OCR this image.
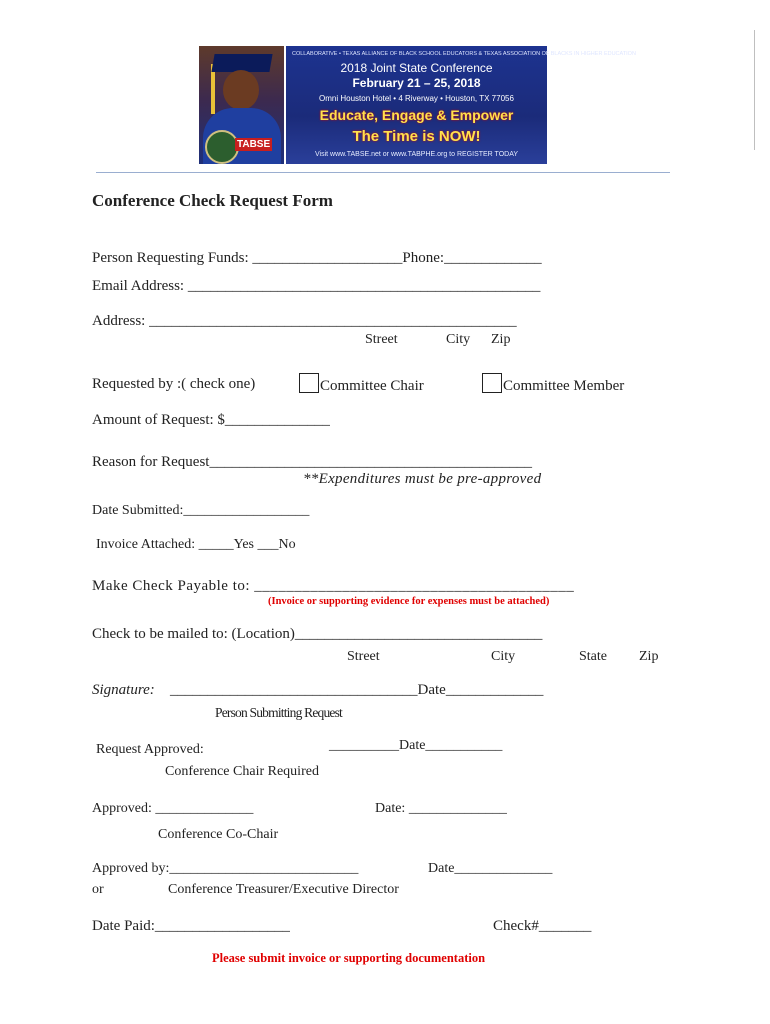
TABSE
COLLABORATIVE • TEXAS ALLIANCE OF BLACK SCHOOL EDUCATORS & TEXAS ASSOCIATION OF BLACKS IN HIGHER EDUCATION
2018 Joint State Conference
February 21 – 25, 2018
Omni Houston Hotel • 4 Riverway • Houston, TX 77056
Educate, Engage & Empower
The Time is NOW!
Visit www.TABSE.net or www.TABPHE.org to REGISTER TODAY
Conference Check Request Form
Person Requesting Funds: ____________________Phone:_____________
Email Address: _______________________________________________
Address: _________________________________________________
Street	City Zip
Requested by :( check one)	Committee Chair	Committee Member
Amount of Request: $______________
Reason for Request___________________________________________
**Expenditures must be pre-approved
Date Submitted:__________________
Invoice Attached: _____Yes ___No
Make Check Payable to: ________________________________________
(Invoice or supporting evidence for expenses must be attached)
Check to be mailed to: (Location)_________________________________
Street	City	State Zip
Signature: _________________________________Date_____________
Person Submitting Request
Request Approved:	__________Date___________
Conference Chair Required
Approved: ______________	Date: ______________
Conference Co-Chair
Approved by:___________________________	Date______________
or	Conference Treasurer/Executive Director
Date Paid:__________________	Check#_______
Please submit invoice or supporting documentation
